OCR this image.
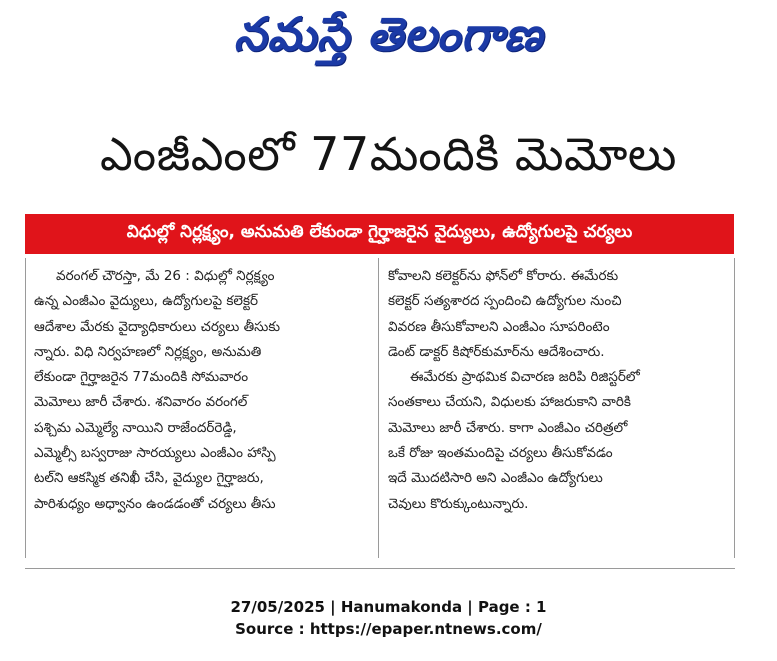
నమస్తే తెలంగాణ
ఎంజీఎంలో 77మందికి మెమోలు
విధుల్లో నిర్లక్ష్యం, అనుమతి లేకుండా గైర్హాజరైన వైద్యులు, ఉద్యోగులపై చర్యలు
వరంగల్‌ చౌరస్తా, మే 26 : విధుల్లో నిర్లక్ష్యం
ఉన్న ఎంజీఎం వైద్యులు, ఉద్యోగులపై కలెక్టర్‌
ఆదేశాల మేరకు వైద్యాధికారులు చర్యలు తీసుకు
న్నారు. విధి నిర్వహణలో నిర్లక్ష్యం, అనుమతి
లేకుండా గైర్హాజరైన 77మందికి సోమవారం
మెమోలు జారీ చేశారు. శనివారం వరంగల్‌
పశ్చిమ ఎమ్మెల్యే నాయిని రాజేందర్‌రెడ్డి,
ఎమ్మెల్సీ బస్వరాజు సారయ్యలు ఎంజీఎం హాస్పి
టల్‌ని ఆకస్మిక తనిఖీ చేసి, వైద్యుల గైర్హాజరు,
పారిశుధ్యం అధ్వానం ఉండడంతో చర్యలు తీసు
కోవాలని కలెక్టర్‌ను ఫోన్‌లో కోరారు. ఈమేరకు
కలెక్టర్‌ సత్యశారద స్పందించి ఉద్యోగుల నుంచి
వివరణ తీసుకోవాలని ఎంజీఎం సూపరింటెం
డెంట్‌ డాక్టర్‌ కిషోర్‌కుమార్‌ను ఆదేశించారు.
ఈమేరకు ప్రాథమిక విచారణ జరిపి రిజిస్టర్‌లో
సంతకాలు చేయని, విధులకు హాజరుకాని వారికి
మెమోలు జారీ చేశారు. కాగా ఎంజీఎం చరిత్రలో
ఒకే రోజు ఇంతమందిపై చర్యలు తీసుకోవడం
ఇదే మొదటిసారి అని ఎంజీఎం ఉద్యోగులు
చెవులు కొరుక్కుంటున్నారు.
27/05/2025 | Hanumakonda | Page : 1
Source : https://epaper.ntnews.com/
